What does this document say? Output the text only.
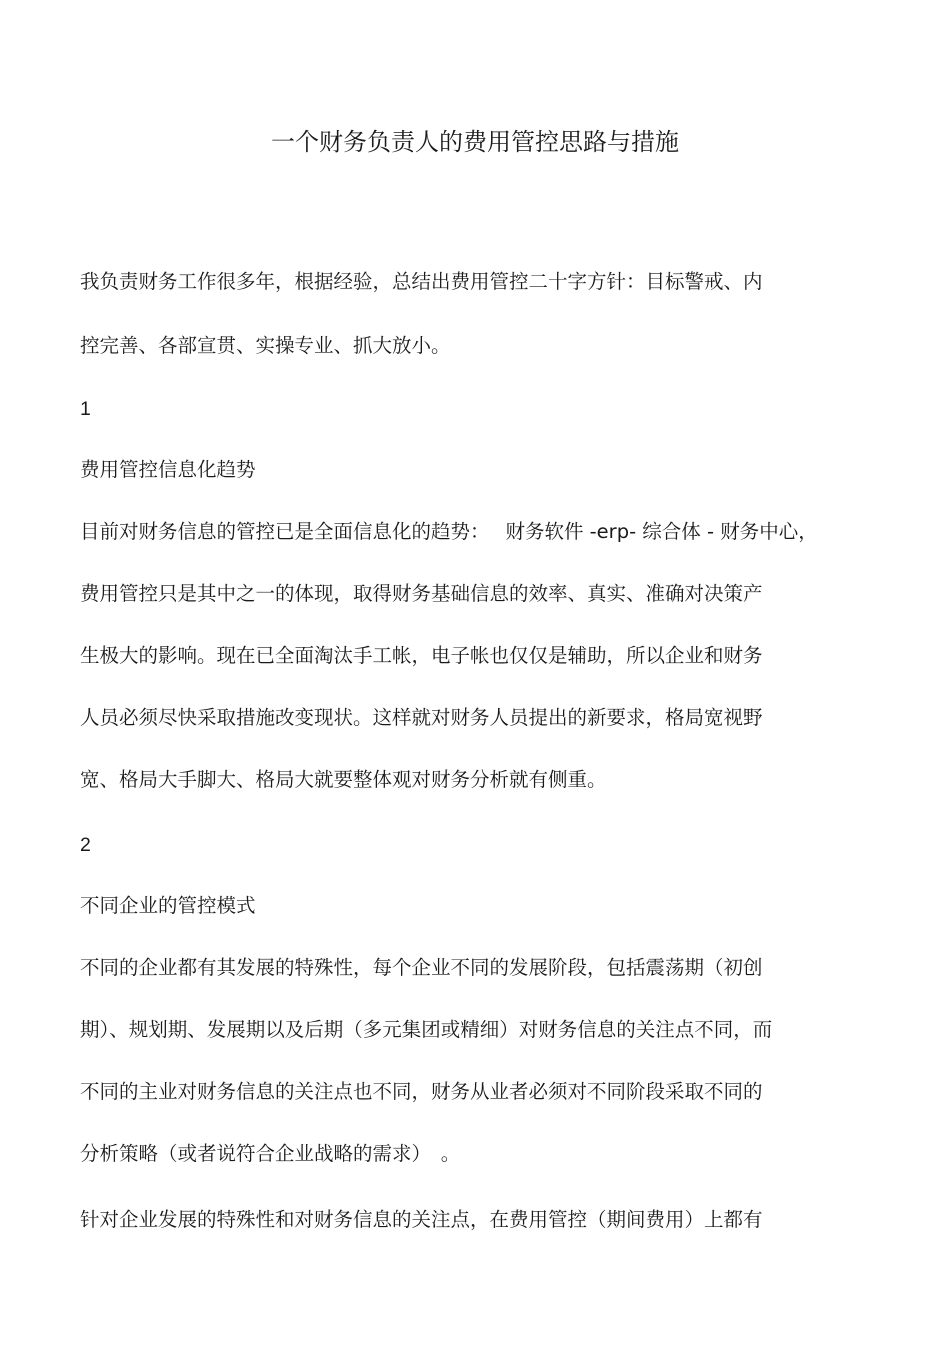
一个财务负责人的费用管控思路与措施
我负责财务工作很多年，根据经验，总结出费用管控二十字方针：目标警戒、内
控完善、各部宣贯、实操专业、抓大放小。
1
费用管控信息化趋势
目前对财务信息的管控已是全面信息化的趋势：　 财务软件 -erp- 综合体 - 财务中心，
费用管控只是其中之一的体现，取得财务基础信息的效率、真实、准确对决策产
生极大的影响。现在已全面淘汰手工帐，电子帐也仅仅是辅助，所以企业和财务
人员必须尽快采取措施改变现状。这样就对财务人员提出的新要求，格局宽视野
宽、格局大手脚大、格局大就要整体观对财务分析就有侧重。
2
不同企业的管控模式
不同的企业都有其发展的特殊性，每个企业不同的发展阶段，包括震荡期（初创
期）、规划期、发展期以及后期（多元集团或精细）对财务信息的关注点不同，而
不同的主业对财务信息的关注点也不同，财务从业者必须对不同阶段采取不同的
分析策略（或者说符合企业战略的需求）　。
针对企业发展的特殊性和对财务信息的关注点，在费用管控（期间费用）上都有
